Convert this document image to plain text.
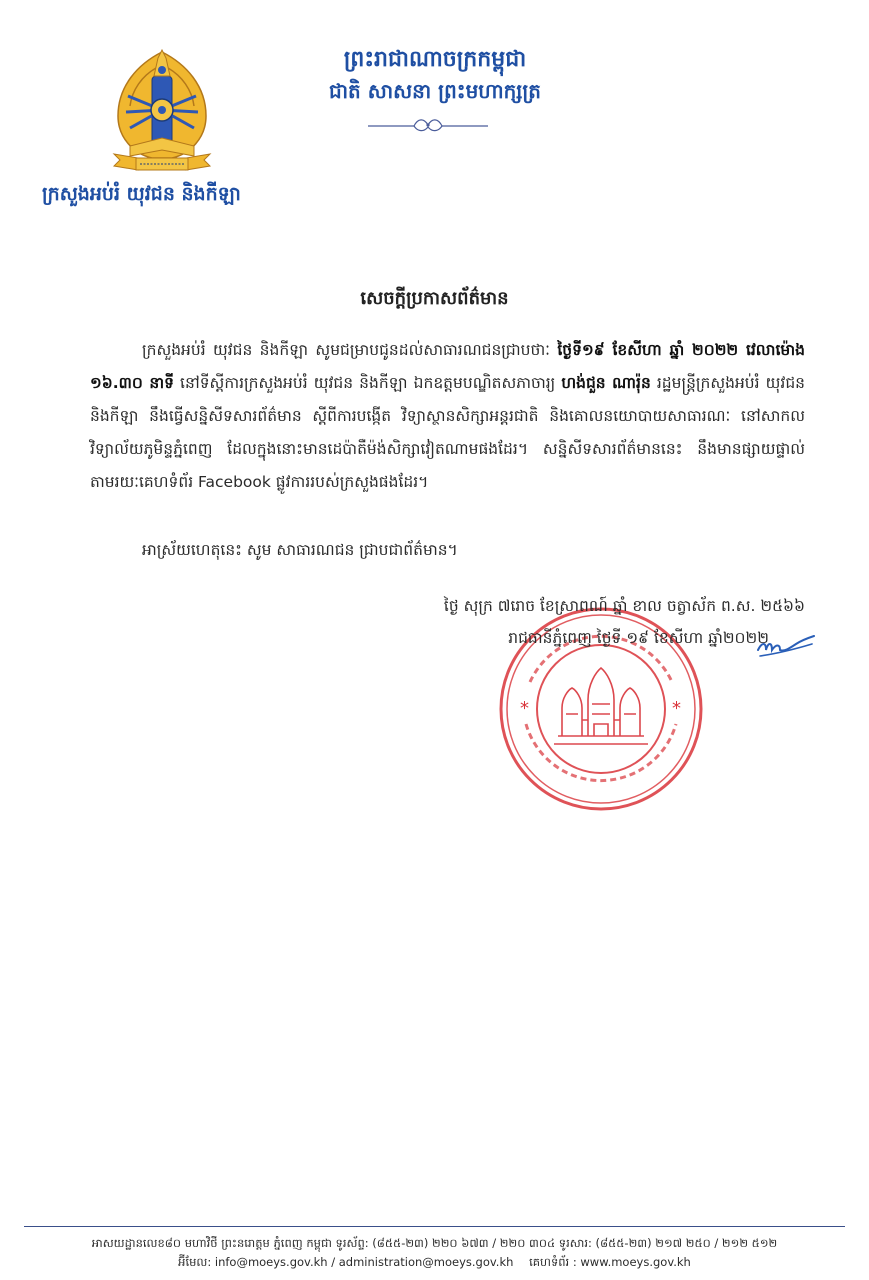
ក្រសួងអប់រំ យុវជន និងកីឡា
ព្រះរាជាណាចក្រកម្ពុជា
ជាតិ សាសនា ព្រះមហាក្សត្រ
សេចក្តីប្រកាសព័ត៌មាន
ក្រសួងអប់រំ យុវជន និងកីឡា សូមជម្រាបជូនដល់សាធារណជនជ្រាបថាៈ ថ្ងៃទី១៩ ខែសីហា ឆ្នាំ ២០២២ វេលាម៉ោង ១៦.៣០ នាទី នៅទីស្តីការក្រសួងអប់រំ យុវជន និងកីឡា ឯកឧត្តមបណ្ឌិតសភាចារ្យ ហង់ជួន ណារ៉ុន រដ្ឋមន្ត្រីក្រសួងអប់រំ យុវជន និងកីឡា នឹងធ្វើសន្និសីទសារព័ត៌មាន ស្តីពីការបង្កើត វិទ្យាស្ថានសិក្សាអន្តរជាតិ និងគោលនយោបាយសាធារណៈ នៅសាកលវិទ្យាល័យភូមិន្ទភ្នំពេញ ដែលក្នុងនោះមានដេប៉ាតឺម៉ង់សិក្សាវៀតណាមផងដែរ។ សន្និសីទសារព័ត៌មាននេះ នឹងមានផ្សាយផ្ទាល់តាមរយៈគេហទំព័រ Facebook ផ្លូវការរបស់ក្រសួងផងដែរ។
អាស្រ័យហេតុនេះ សូម សាធារណជន ជ្រាបជាព័ត៌មាន។
*	*
ថ្ងៃ សុក្រ ៧រោច ខែស្រាពណ៍ ឆ្នាំ ខាល ចត្វាស័ក ព.ស. ២៥៦៦
រាជធានីភ្នំពេញ ថ្ងៃទី ១៩ ខែសីហា ឆ្នាំ២០២២
អាសយដ្ឋានលេខ៨០ មហាវិថី ព្រះនរោត្តម ភ្នំពេញ កម្ពុជា ទូរស័ព្ទ: (៨៥៥-២៣) ២២០ ៦៧៣ / ២២០ ៣០៤ ទូរសារ: (៨៥៥-២៣) ២១៧ ២៥០ / ២១២ ៥១២
អ៊ីមែល: info@moeys.gov.kh / administration@moeys.gov.kh គេហទំព័រ : www.moeys.gov.kh
